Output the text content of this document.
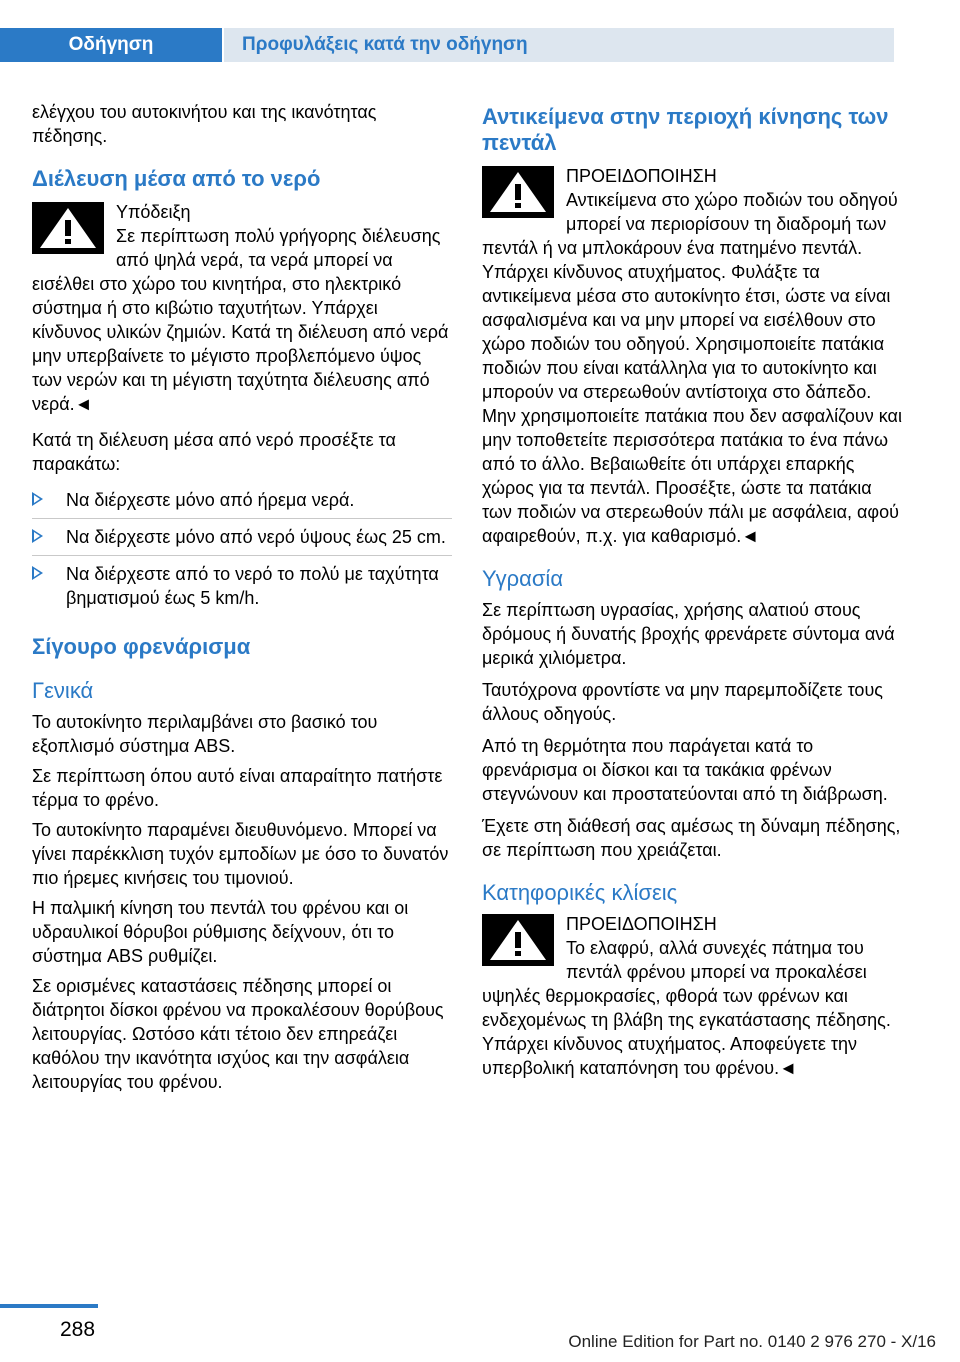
Οδήγηση	Προφυλάξεις κατά την οδήγηση

ελέγχου του αυτοκινήτου και της ικανότητας πέδησης.

Διέλευση μέσα από το νερό
Υπόδειξη
Σε περίπτωση πολύ γρήγορης διέλευσης από ψηλά νερά, τα νερά μπορεί να εισέλθει στο χώρο του κινητήρα, στο ηλεκτρικό σύστημα ή στο κιβώτιο ταχυτήτων. Υπάρχει κίνδυνος υλικών ζημιών. Κατά τη διέλευση από νερά μην υπερβαίνετε το μέγιστο προβλεπόμενο ύψος των νερών και τη μέγιστη ταχύτητα διέλευσης από νερά.◄

Κατά τη διέλευση μέσα από νερό προσέξτε τα παρακάτω:

Να διέρχεστε μόνο από ήρεμα νερά.
Να διέρχεστε μόνο από νερό ύψους έως 25 cm.
Να διέρχεστε από το νερό το πολύ με ταχύτητα βηματισμού έως 5 km/h.
Σίγουρο φρενάρισμα
Γενικά

Το αυτοκίνητο περιλαμβάνει στο βασικό του εξοπλισμό σύστημα ABS.

Σε περίπτωση όπου αυτό είναι απαραίτητο πατήστε τέρμα το φρένο.

Το αυτοκίνητο παραμένει διευθυνόμενο. Μπορεί να γίνει παρέκκλιση τυχόν εμποδίων με όσο το δυνατόν πιο ήρεμες κινήσεις του τιμονιού.

Η παλμική κίνηση του πεντάλ του φρένου και οι υδραυλικοί θόρυβοι ρύθμισης δείχνουν, ότι το σύστημα ABS ρυθμίζει.

Σε ορισμένες καταστάσεις πέδησης μπορεί οι διάτρητοι δίσκοι φρένου να προκαλέσουν θορύβους λειτουργίας. Ωστόσο κάτι τέτοιο δεν επηρεάζει καθόλου την ικανότητα ισχύος και την ασφάλεια λειτουργίας του φρένου.

Αντικείμενα στην περιοχή κίνησης των πεντάλ
ΠΡΟΕΙΔΟΠΟΙΗΣΗ
Αντικείμενα στο χώρο ποδιών του οδηγού μπορεί να περιορίσουν τη διαδρομή των πεντάλ ή να μπλοκάρουν ένα πατημένο πεντάλ. Υπάρχει κίνδυνος ατυχήματος. Φυλάξτε τα αντικείμενα μέσα στο αυτοκίνητο έτσι, ώστε να είναι ασφαλισμένα και να μην μπορεί να εισέλθουν στο χώρο ποδιών του οδηγού. Χρησιμοποιείτε πατάκια ποδιών που είναι κατάλληλα για το αυτοκίνητο και μπορούν να στερεωθούν αντίστοιχα στο δάπεδο. Μην χρησιμοποιείτε πατάκια που δεν ασφαλίζουν και μην τοποθετείτε περισσότερα πατάκια το ένα πάνω από το άλλο. Βεβαιωθείτε ότι υπάρχει επαρκής χώρος για τα πεντάλ. Προσέξτε, ώστε τα πατάκια των ποδιών να στερεωθούν πάλι με ασφάλεια, αφού αφαιρεθούν, π.χ. για καθαρισμό.◄
Υγρασία

Σε περίπτωση υγρασίας, χρήσης αλατιού στους δρόμους ή δυνατής βροχής φρενάρετε σύντομα ανά μερικά χιλιόμετρα.

Ταυτόχρονα φροντίστε να μην παρεμποδίζετε τους άλλους οδηγούς.

Από τη θερμότητα που παράγεται κατά το φρενάρισμα οι δίσκοι και τα τακάκια φρένων στεγνώνουν και προστατεύονται από τη διάβρωση.

Έχετε στη διάθεσή σας αμέσως τη δύναμη πέδησης, σε περίπτωση που χρειάζεται.

Κατηφορικές κλίσεις
ΠΡΟΕΙΔΟΠΟΙΗΣΗ
Το ελαφρύ, αλλά συνεχές πάτημα του πεντάλ φρένου μπορεί να προκαλέσει υψηλές θερμοκρασίες, φθορά των φρένων και ενδεχομένως τη βλάβη της εγκατάστασης πέδησης. Υπάρχει κίνδυνος ατυχήματος. Αποφεύγετε την υπερβολική καταπόνηση του φρένου.◄
288
Online Edition for Part no. 0140 2 976 270 - X/16
